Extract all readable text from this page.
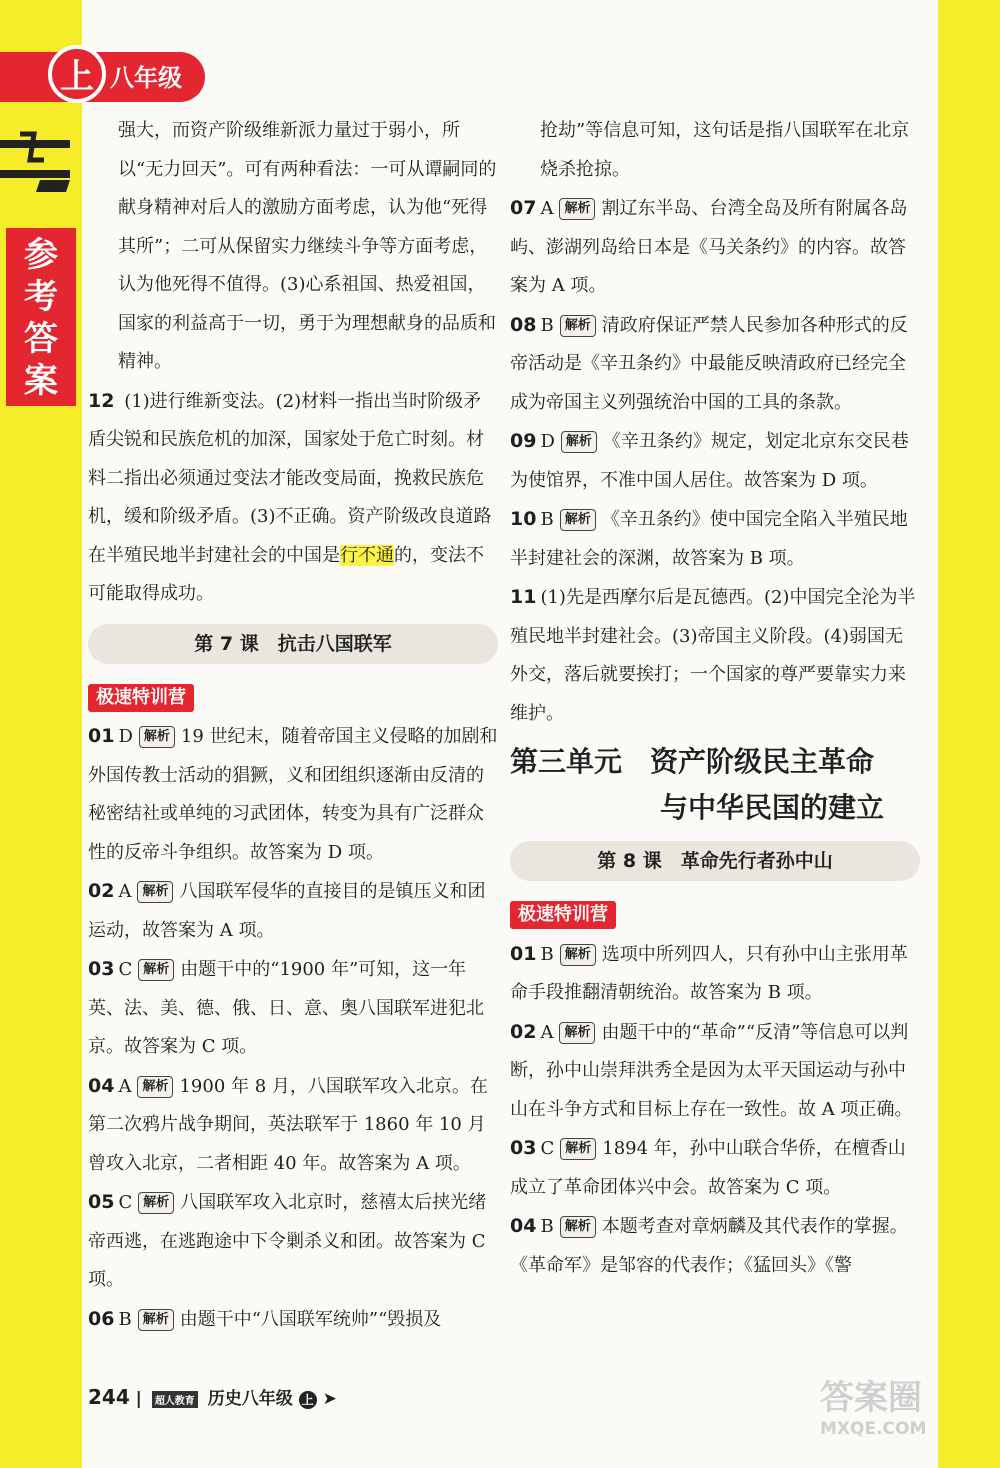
上 八年级
参考答案

强大，而资产阶级维新派力量过于弱小，所以“无力回天”。可有两种看法：一可从谭嗣同的献身精神对后人的激励方面考虑，认为他“死得其所”；二可从保留实力继续斗争等方面考虑，认为他死得不值得。(3)心系祖国、热爱祖国，国家的利益高于一切，勇于为理想献身的品质和精神。

12 (1)进行维新变法。(2)材料一指出当时阶级矛盾尖锐和民族危机的加深，国家处于危亡时刻。材料二指出必须通过变法才能改变局面，挽救民族危机，缓和阶级矛盾。(3)不正确。资产阶级改良道路在半殖民地半封建社会的中国是行不通的，变法不可能取得成功。

第 7 课　抗击八国联军
极速特训营

01 D 解析 19 世纪末，随着帝国主义侵略的加剧和外国传教士活动的猖獗，义和团组织逐渐由反清的秘密结社或单纯的习武团体，转变为具有广泛群众性的反帝斗争组织。故答案为 D 项。

02 A 解析 八国联军侵华的直接目的是镇压义和团运动，故答案为 A 项。

03 C 解析 由题干中的“1900 年”可知，这一年英、法、美、德、俄、日、意、奥八国联军进犯北京。故答案为 C 项。

04 A 解析 1900 年 8 月，八国联军攻入北京。在第二次鸦片战争期间，英法联军于 1860 年 10 月曾攻入北京，二者相距 40 年。故答案为 A 项。

05 C 解析 八国联军攻入北京时，慈禧太后挟光绪帝西逃，在逃跑途中下令剿杀义和团。故答案为 C 项。

06 B 解析 由题干中“八国联军统帅”“毁损及

抢劫”等信息可知，这句话是指八国联军在北京烧杀抢掠。

07 A 解析 割辽东半岛、台湾全岛及所有附属各岛屿、澎湖列岛给日本是《马关条约》的内容。故答案为 A 项。

08 B 解析 清政府保证严禁人民参加各种形式的反帝活动是《辛丑条约》中最能反映清政府已经完全成为帝国主义列强统治中国的工具的条款。

09 D 解析 《辛丑条约》规定，划定北京东交民巷为使馆界，不准中国人居住。故答案为 D 项。

10 B 解析 《辛丑条约》使中国完全陷入半殖民地半封建社会的深渊，故答案为 B 项。

11 (1)先是西摩尔后是瓦德西。(2)中国完全沦为半殖民地半封建社会。(3)帝国主义阶段。(4)弱国无外交，落后就要挨打；一个国家的尊严要靠实力来维护。

第三单元　资产阶级民主革命
与中华民国的建立
第 8 课　革命先行者孙中山
极速特训营

01 B 解析 选项中所列四人，只有孙中山主张用革命手段推翻清朝统治。故答案为 B 项。

02 A 解析 由题干中的“革命”“反清”等信息可以判断，孙中山崇拜洪秀全是因为太平天国运动与孙中山在斗争方式和目标上存在一致性。故 A 项正确。

03 C 解析 1894 年，孙中山联合华侨，在檀香山成立了革命团体兴中会。故答案为 C 项。

04 B 解析 本题考查对章炳麟及其代表作的掌握。《革命军》是邹容的代表作；《猛回头》《警

244 | 超人教育 历史八年级 上 ➤	答案圈
MXQE.COM
